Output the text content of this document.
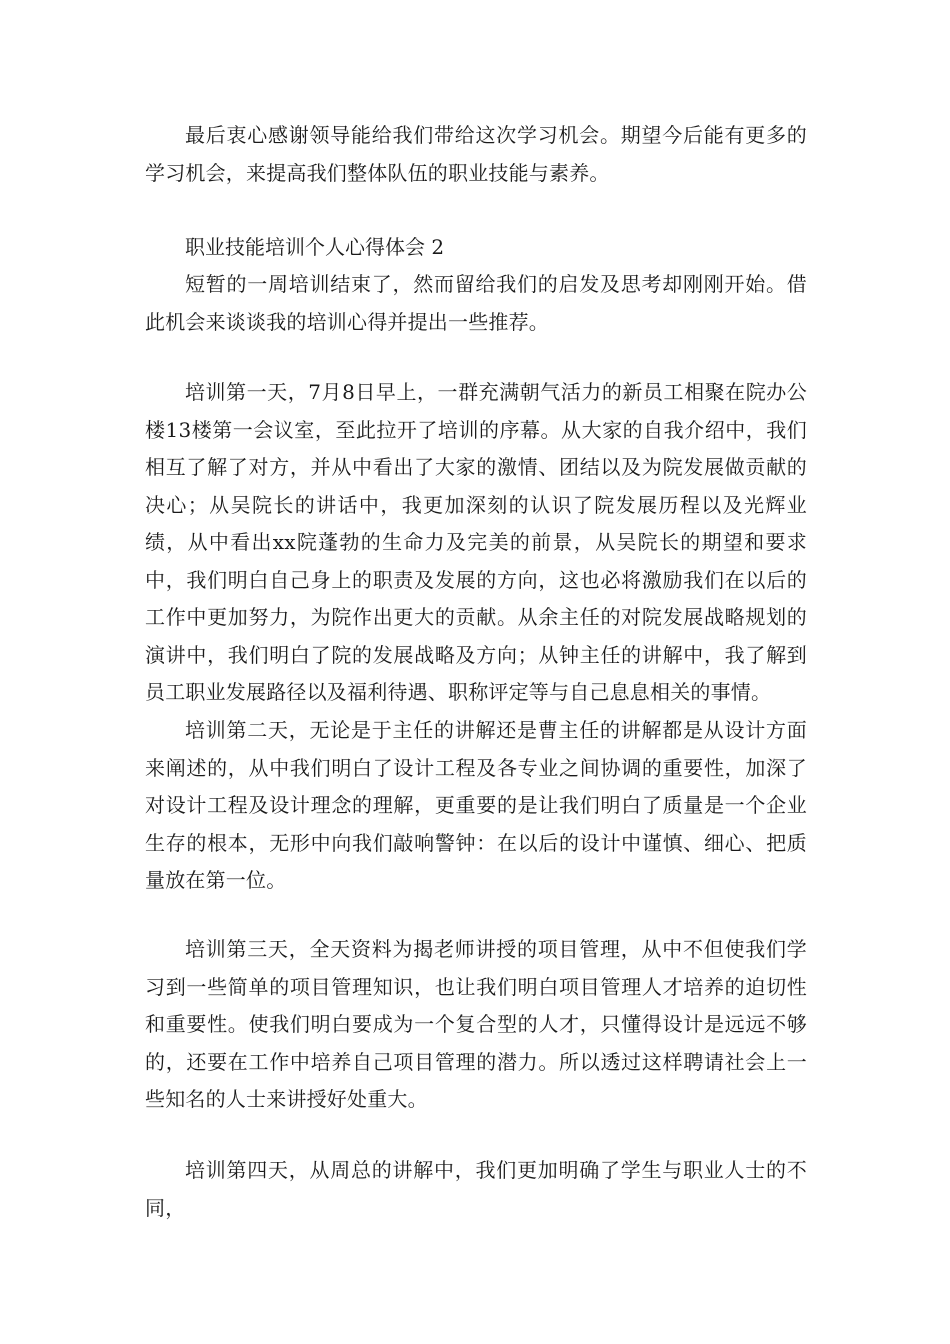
最后衷心感谢领导能给我们带给这次学习机会。期望今后能有更多的学习机会，来提高我们整体队伍的职业技能与素养。

职业技能培训个人心得体会 2

短暂的一周培训结束了，然而留给我们的启发及思考却刚刚开始。借此机会来谈谈我的培训心得并提出一些推荐。

培训第一天，7月8日早上，一群充满朝气活力的新员工相聚在院办公楼13楼第一会议室，至此拉开了培训的序幕。从大家的自我介绍中，我们相互了解了对方，并从中看出了大家的激情、团结以及为院发展做贡献的决心；从吴院长的讲话中，我更加深刻的认识了院发展历程以及光辉业绩，从中看出xx院蓬勃的生命力及完美的前景，从吴院长的期望和要求中，我们明白自己身上的职责及发展的方向，这也必将激励我们在以后的工作中更加努力，为院作出更大的贡献。从余主任的对院发展战略规划的演讲中，我们明白了院的发展战略及方向；从钟主任的讲解中，我了解到员工职业发展路径以及福利待遇、职称评定等与自己息息相关的事情。

培训第二天，无论是于主任的讲解还是曹主任的讲解都是从设计方面来阐述的，从中我们明白了设计工程及各专业之间协调的重要性，加深了对设计工程及设计理念的理解，更重要的是让我们明白了质量是一个企业生存的根本，无形中向我们敲响警钟：在以后的设计中谨慎、细心、把质量放在第一位。

培训第三天，全天资料为揭老师讲授的项目管理，从中不但使我们学习到一些简单的项目管理知识，也让我们明白项目管理人才培养的迫切性和重要性。使我们明白要成为一个复合型的人才，只懂得设计是远远不够的，还要在工作中培养自己项目管理的潜力。所以透过这样聘请社会上一些知名的人士来讲授好处重大。

培训第四天，从周总的讲解中，我们更加明确了学生与职业人士的不同，
